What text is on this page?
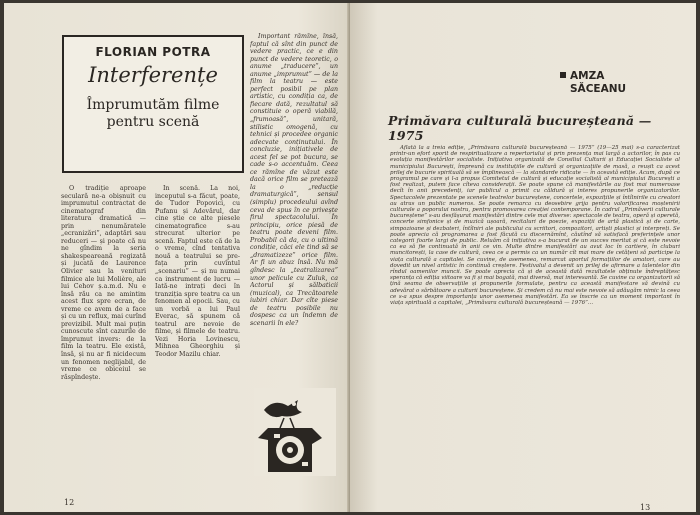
FLORIAN POTRA
Interferențe
Împrumutăm filme
pentru scenă

O tradiție aproape seculară ne-a obișnuit cu imprumutul contractat de cinematograf din literatura dramatică — prin nenumăratele „ecranizări”, adaptări sau reduceri — și poate că nu ne gîndim la seria shakespeareană regizată și jucată de Laurence Olivier sau la venituri filmice ale lui Molière, ale lui Cehov ș.a.m.d. Nu e însă rău ca ne amintim acest flux spre ecran, de vreme ce avem de a face și cu un reflux, mai curînd previzibil. Mult mai puțin cunoscute sînt cazurile de împrumut invers: de la film la teatru. Ele există, însă, și nu ar fi nicidecum un fenomen neglijabil, de vreme ce obiceiul se răspîndește.

În scenă. La noi, inceputul s-a făcut, poate, de Tudor Popovici, cu Pufanu și Adevărul, dar cine știe ce alte piesele cinematografice s-au strecurat ulterior pe scenă. Faptul este că de la o vreme, cînd tentativa nouă a teatrului se prefața prin cuvîntul „scenariu” — și nu numai ca instrument de lucru — Iată-ne intrați deci în tranziția spre teatru ca un fenomen al epocii. Sau, cu un vorbă a lui Paul Everac, să spunem că teatrul are nevoie de filme, și filmele de teatru. Vezi Horia Lovinescu, Mihnea Gheorghiu și Teodor Mazilu chiar.

Important rămîne, însă, faptul că sînt din punct de vedere practic, ce e din punct de vedere teoretic, o anume „traducere”, un anume „imprumut” — de la film la teatru — este perfect posibil pe plan artistic, cu condiția ca, de fiecare dată, rezultatul să constituie o operă viabilă, „frumoasă”, unitară, stilistic omogenă, cu tehnici și procedee organic adecvate conținutului. În concluzie, inițiativele de acest fel se pot bucura, se cade s-o accentuăm. Ceea ce rămîne de văzut este dacă orice film se pretează la o „reducție dramaturgică”, sensul (simplu) procedeului avînd ceva de spus în ce privește firul spectacolului. În principiu, orice piesă de teatru poate deveni film. Probabil că da, cu o ultimă condiție, căci ele tind să se „dramatizeze” orice film. Ar fi un abuz însă. Nu mă gîndesc la „teatralizarea” unor pelicule cu Zuluk, ca Actorul și sălbaticii (muzical), ca Trecătoarele iubiri chiar. Dar cîte piese de teatru posibile nu dospesc ca un îndemn de scenarii în ele?

12
AMZA
SĂCEANU
Primăvara culturală bucureșteană — 1975

Aflată la a treia ediție, „Primăvara culturală bucureșteană — 1975” (19—25 mai) s-a caracterizat printr-un efort sporit de respiritualizare a repertoriului și prin prezența mai largă a actorilor, în pas cu evoluția manifestărilor socialiste. Inițiativa organizată de Consiliul Culturii și Educației Socialiste al municipiului București, împreună cu instituțiile de cultură și organizațiile de masă, a reușit ca acest prilej de bucurie spirituală să se împlinească — la standarde ridicate — în această ediție. Acum, după ce programul pe care și l-a propus Comitetul de cultură și educație socialistă al municipiului București a fost realizat, putem face cîteva considerații. Se poate spune că manifestările au fost mai numeroase decît în anii precedenți, iar publicul a primit cu căldură și interes propunerile organizatorilor. Spectacolele prezentate pe scenele teatrelor bucureștene, concertele, expozițiile și întîlnirile cu creatori au atras un public numeros. Se poate remarca cu deosebire grija pentru valorificarea moștenirii culturale a poporului nostru, pentru promovarea creației contemporane. În cadrul „Primăverii culturale bucureștene” s-au desfășurat manifestări dintre cele mai diverse: spectacole de teatru, operă și operetă, concerte simfonice și de muzică ușoară, recitaluri de poezie, expoziții de artă plastică și de carte, simpozioane și dezbateri, întîlniri ale publicului cu scriitori, compozitori, artiști plastici și interpreți. Se poate aprecia că programarea a fost făcută cu discernămînt, căutînd să satisfacă preferințele unor categorii foarte largi de public. Reluăm că inițiativa s-a bucurat de un succes meritat și că este nevoie ca ea să fie continuată în anii ce vin. Multe dintre manifestări au avut loc în cartiere, în cluburi muncitorești, la case de cultură, ceea ce a permis ca un număr cît mai mare de cetățeni să participe la viața culturală a capitalei. Se cuvine, de asemenea, remarcat aportul formațiilor de amatori, care au dovedit un nivel artistic în continuă creștere. Festivalul a devenit un prilej de afirmare a talentelor din rîndul oamenilor muncii. Se poate aprecia că și de această dată rezultatele obținute îndreptățesc speranța că ediția viitoare va fi și mai bogată, mai diversă, mai interesantă. Se cuvine ca organizatorii să țină seama de observațiile și propunerile formulate, pentru ca această manifestare să devină cu adevărat o sărbătoare a culturii bucureștene. Și credem că nu mai este nevoie să adăugăm nimic la ceea ce s-a spus despre importanța unor asemenea manifestări. Ea se înscrie ca un moment important în viața spirituală a capitalei, „Primăvara culturală bucureșteană — 1976”...

13
